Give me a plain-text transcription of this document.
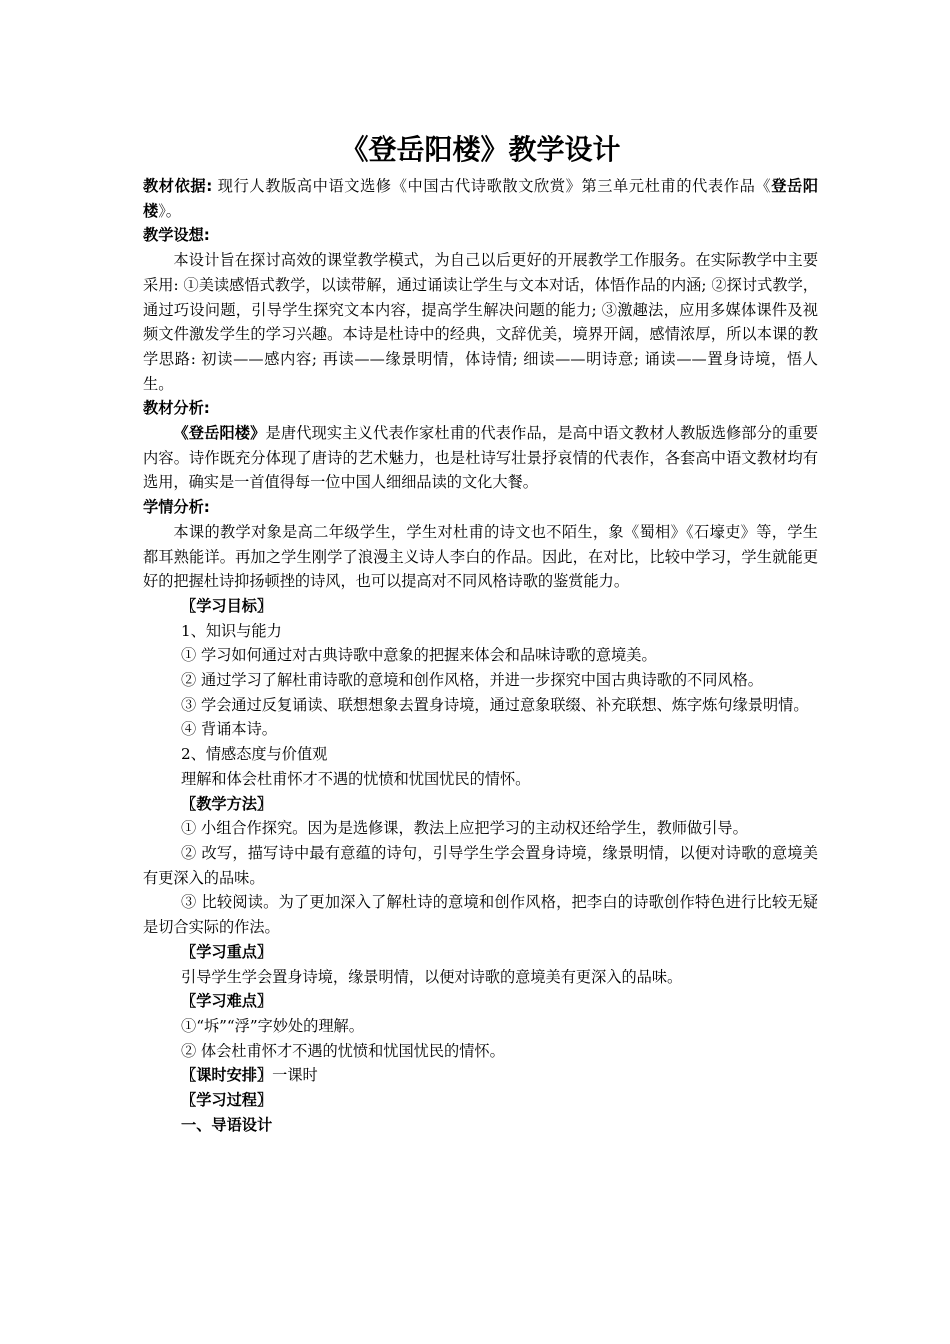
《登岳阳楼》教学设计

教材依据: 现行人教版高中语文选修《中国古代诗歌散文欣赏》第三单元杜甫的代表作品《登岳阳楼》。

教学设想:

本设计旨在探讨高效的课堂教学模式，为自己以后更好的开展教学工作服务。在实际教学中主要采用: ①美读感悟式教学，以读带解，通过诵读让学生与文本对话，体悟作品的内涵; ②探讨式教学，通过巧设问题，引导学生探究文本内容，提高学生解决问题的能力; ③激趣法，应用多媒体课件及视频文件激发学生的学习兴趣。本诗是杜诗中的经典，文辞优美，境界开阔，感情浓厚，所以本课的教学思路: 初读——感内容; 再读——缘景明情，体诗情; 细读——明诗意; 诵读——置身诗境，悟人生。

教材分析:

《登岳阳楼》是唐代现实主义代表作家杜甫的代表作品，是高中语文教材人教版选修部分的重要内容。诗作既充分体现了唐诗的艺术魅力，也是杜诗写壮景抒哀情的代表作，各套高中语文教材均有选用，确实是一首值得每一位中国人细细品读的文化大餐。

学情分析:

本课的教学对象是高二年级学生，学生对杜甫的诗文也不陌生，象《蜀相》《石壕吏》等，学生都耳熟能详。再加之学生刚学了浪漫主义诗人李白的作品。因此，在对比，比较中学习，学生就能更好的把握杜诗抑扬顿挫的诗风，也可以提高对不同风格诗歌的鉴赏能力。

〖学习目标〗

1、知识与能力

① 学习如何通过对古典诗歌中意象的把握来体会和品味诗歌的意境美。

② 通过学习了解杜甫诗歌的意境和创作风格，并进一步探究中国古典诗歌的不同风格。

③ 学会通过反复诵读、联想想象去置身诗境，通过意象联缀、补充联想、炼字炼句缘景明情。

④ 背诵本诗。

2、情感态度与价值观

理解和体会杜甫怀才不遇的忧愤和忧国忧民的情怀。

〖教学方法〗

① 小组合作探究。因为是选修课，教法上应把学习的主动权还给学生，教师做引导。

② 改写，描写诗中最有意蕴的诗句，引导学生学会置身诗境，缘景明情，以便对诗歌的意境美有更深入的品味。

③ 比较阅读。为了更加深入了解杜诗的意境和创作风格，把李白的诗歌创作特色进行比较无疑是切合实际的作法。

〖学习重点〗

引导学生学会置身诗境，缘景明情，以便对诗歌的意境美有更深入的品味。

〖学习难点〗

①“坼”“浮”字妙处的理解。

② 体会杜甫怀才不遇的忧愤和忧国忧民的情怀。

〖课时安排〗一课时

〖学习过程〗

一、导语设计
